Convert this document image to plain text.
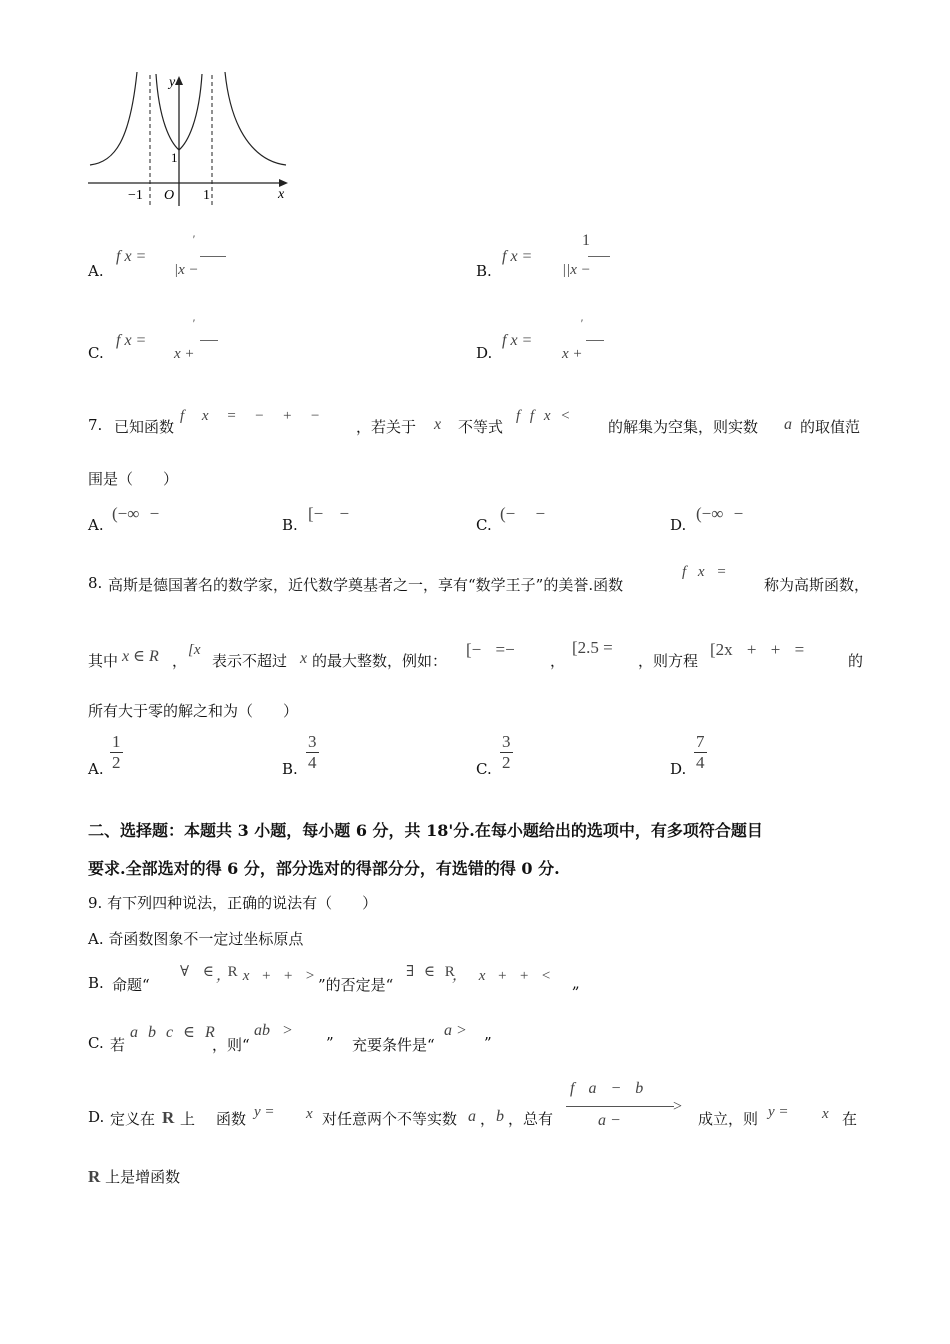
y
x
O
−1	1
1
A.
f x =
'
|x −	B.
f x =
1
||x −
C.
f x =
'
x +	D.
f x =
'
x +
7. 已知函数
f x = − + −
，若关于 x 不等式
f f x <
的解集为空集，则实数 a 的取值范
围是（　　）
A.
(−∞ −
B.
[− −
C.
(− −
D.
(−∞ −
8. 高斯是德国著名的数学家，近代数学奠基者之一，享有“数学王子”的美誉.函数
f x =
称为高斯函数，
其中 x ∈ R ，
[x
表示不超过 x 的最大整数，例如：
[− =−
，
[2.5 =
，则方程
[2x + + =
的
所有大于零的解之和为（　　）
A. $\frac{1}{2}$	B. $\frac{3}{4}$	C. $\frac{3}{2}$	D. $\frac{7}{4}$
二、选择题：本题共 3 小题，每小题 6 分，共 18'分.在每小题给出的选项中，有多项符合题目
要求.全部选对的得 6 分，部分选对的得部分分，有选错的得 0 分.
9. 有下列四种说法，正确的说法有（　　）
A. 奇函数图象不一定过坐标原点
B. 命题“
∀ ∈ R
， x + + > ”的否定是“
∃ ∈ R
， x + + < „
C. 若
a b c ∈ R
，则“
ab >
” 充要条件是“
a >
”
D. 定义在 R 上 函数 y = x 对任意两个不等实数 a ， b ，总有
f a − b
a −
>
成立，则 y = x 在
R 上是增函数
